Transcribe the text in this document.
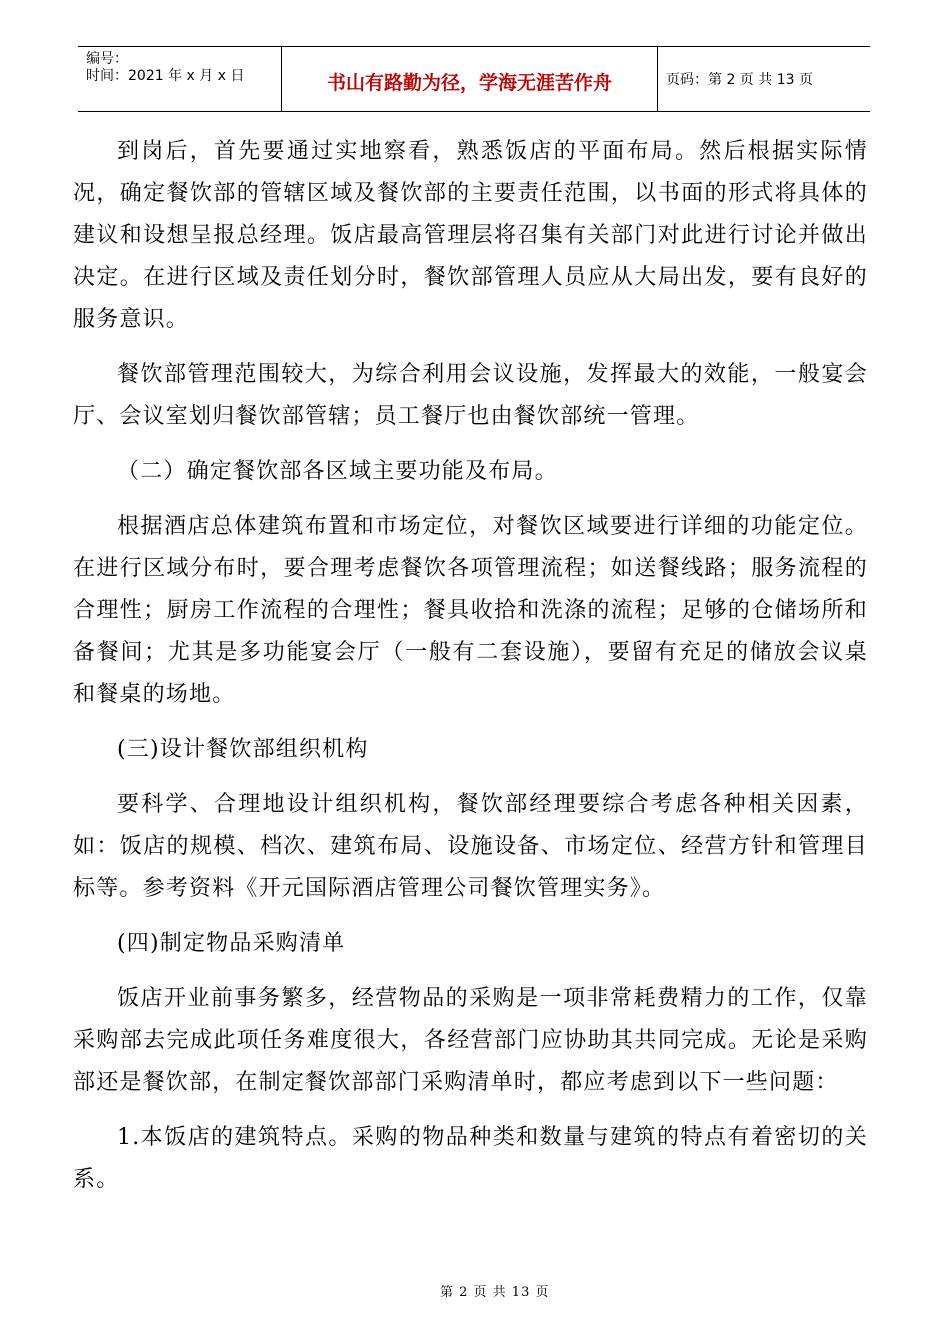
编号：
时间：2021 年 x 月 x 日	书山有路勤为径，学海无涯苦作舟	页码：第 2 页 共 13 页

到岗后，首先要通过实地察看，熟悉饭店的平面布局。然后根据实际情况，确定餐饮部的管辖区域及餐饮部的主要责任范围，以书面的形式将具体的建议和设想呈报总经理。饭店最高管理层将召集有关部门对此进行讨论并做出决定。在进行区域及责任划分时，餐饮部管理人员应从大局出发，要有良好的服务意识。

餐饮部管理范围较大，为综合利用会议设施，发挥最大的效能，一般宴会厅、会议室划归餐饮部管辖；员工餐厅也由餐饮部统一管理。

（二）确定餐饮部各区域主要功能及布局。

根据酒店总体建筑布置和市场定位，对餐饮区域要进行详细的功能定位。在进行区域分布时，要合理考虑餐饮各项管理流程；如送餐线路；服务流程的合理性；厨房工作流程的合理性；餐具收拾和洗涤的流程；足够的仓储场所和备餐间；尤其是多功能宴会厅（一般有二套设施），要留有充足的储放会议桌和餐桌的场地。

(三)设计餐饮部组织机构

要科学、合理地设计组织机构，餐饮部经理要综合考虑各种相关因素，如：饭店的规模、档次、建筑布局、设施设备、市场定位、经营方针和管理目标等。参考资料《开元国际酒店管理公司餐饮管理实务》。

(四)制定物品采购清单

饭店开业前事务繁多，经营物品的采购是一项非常耗费精力的工作，仅靠采购部去完成此项任务难度很大，各经营部门应协助其共同完成。无论是采购部还是餐饮部，在制定餐饮部部门采购清单时，都应考虑到以下一些问题：

1.本饭店的建筑特点。采购的物品种类和数量与建筑的特点有着密切的关系。

第 2 页 共 13 页
